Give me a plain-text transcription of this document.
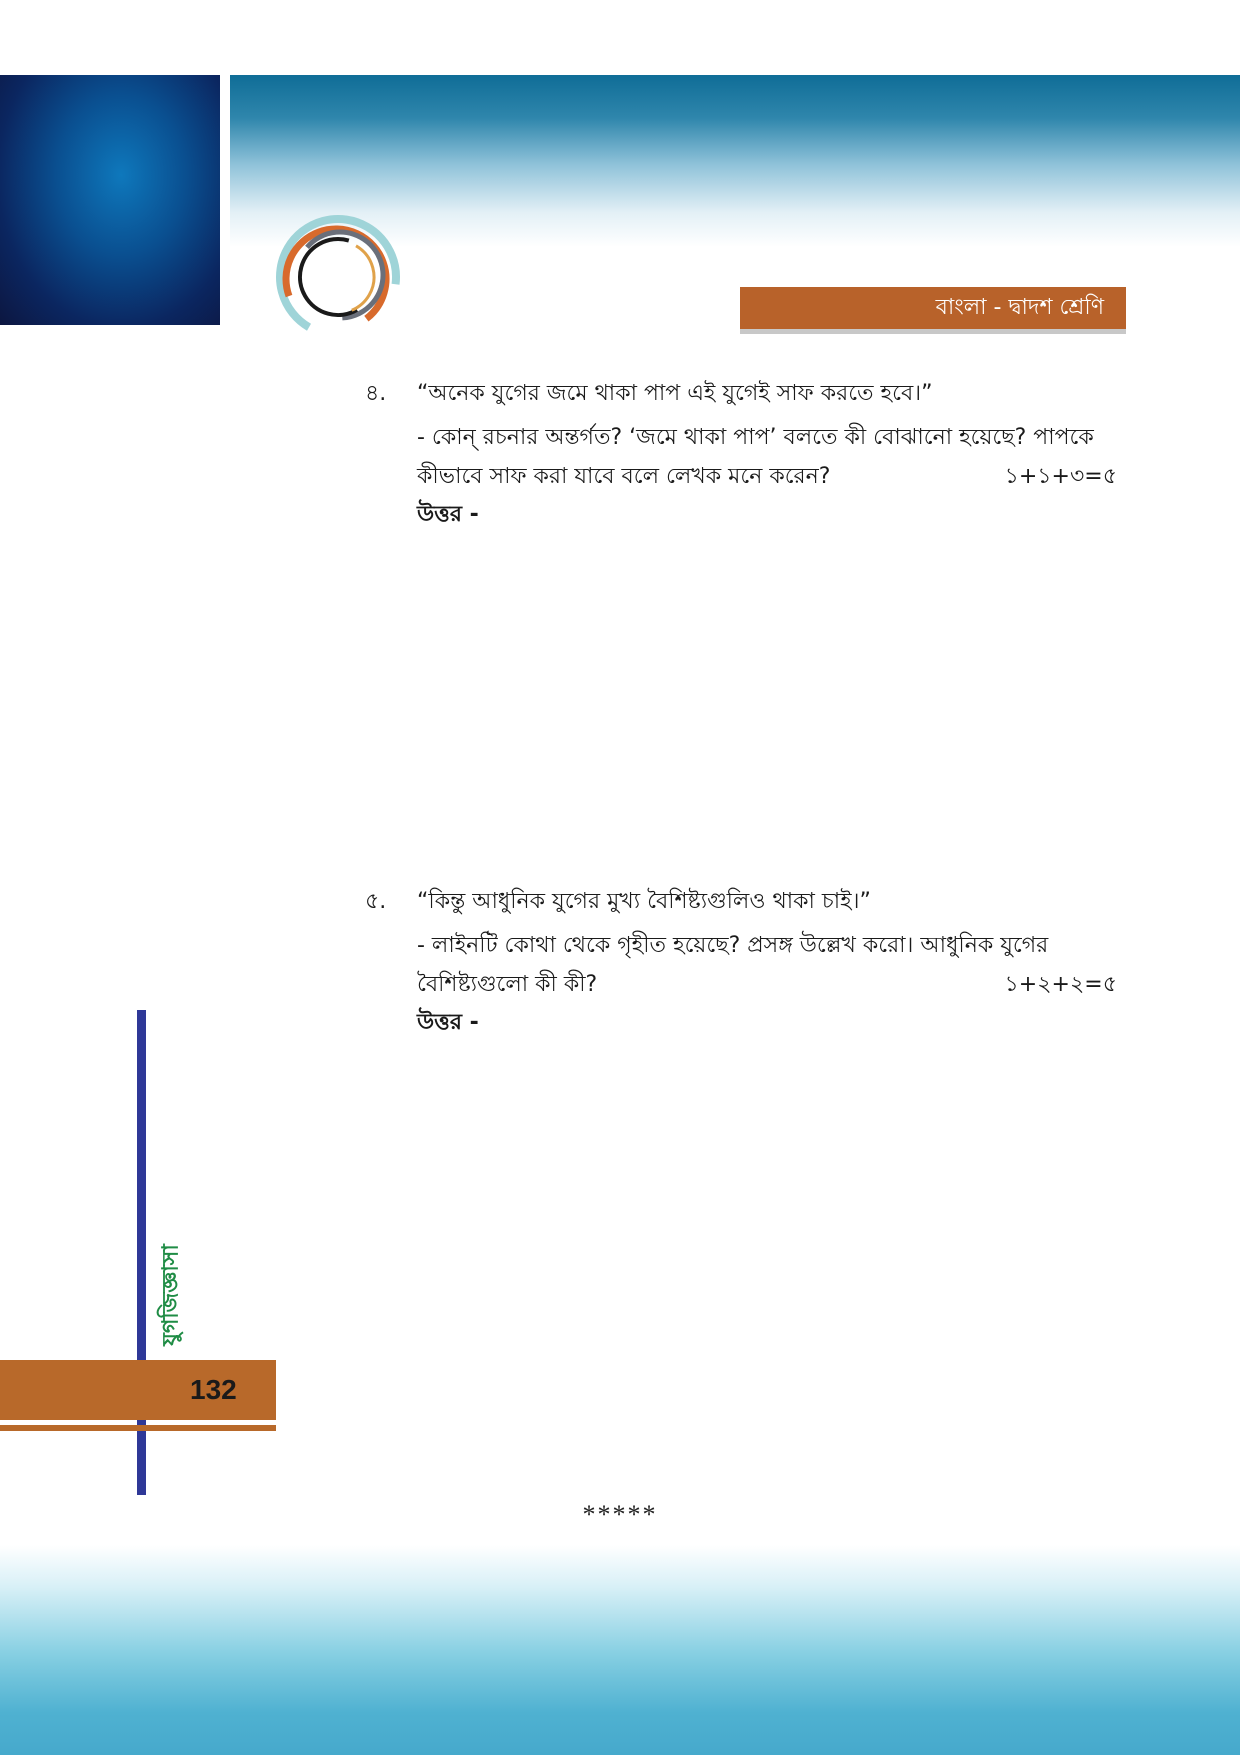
বাংলা - দ্বাদশ শ্রেণি
৪.	“অনেক যুগের জমে থাকা পাপ এই যুগেই সাফ করতে হবে।”
- কোন্ রচনার অন্তর্গত? ‘জমে থাকা পাপ’ বলতে কী বোঝানো হয়েছে? পাপকে
কীভাবে সাফ করা যাবে বলে লেখক মনে করেন?	১+১+৩=৫
উত্তর -
৫.	“কিন্তু আধুনিক যুগের মুখ্য বৈশিষ্ট্যগুলিও থাকা চাই।”
- লাইনটি কোথা থেকে গৃহীত হয়েছে? প্রসঙ্গ উল্লেখ করো। আধুনিক যুগের
বৈশিষ্ট্যগুলো কী কী?	১+২+২=৫
উত্তর -
যুগজিজ্ঞাসা
132
*****
